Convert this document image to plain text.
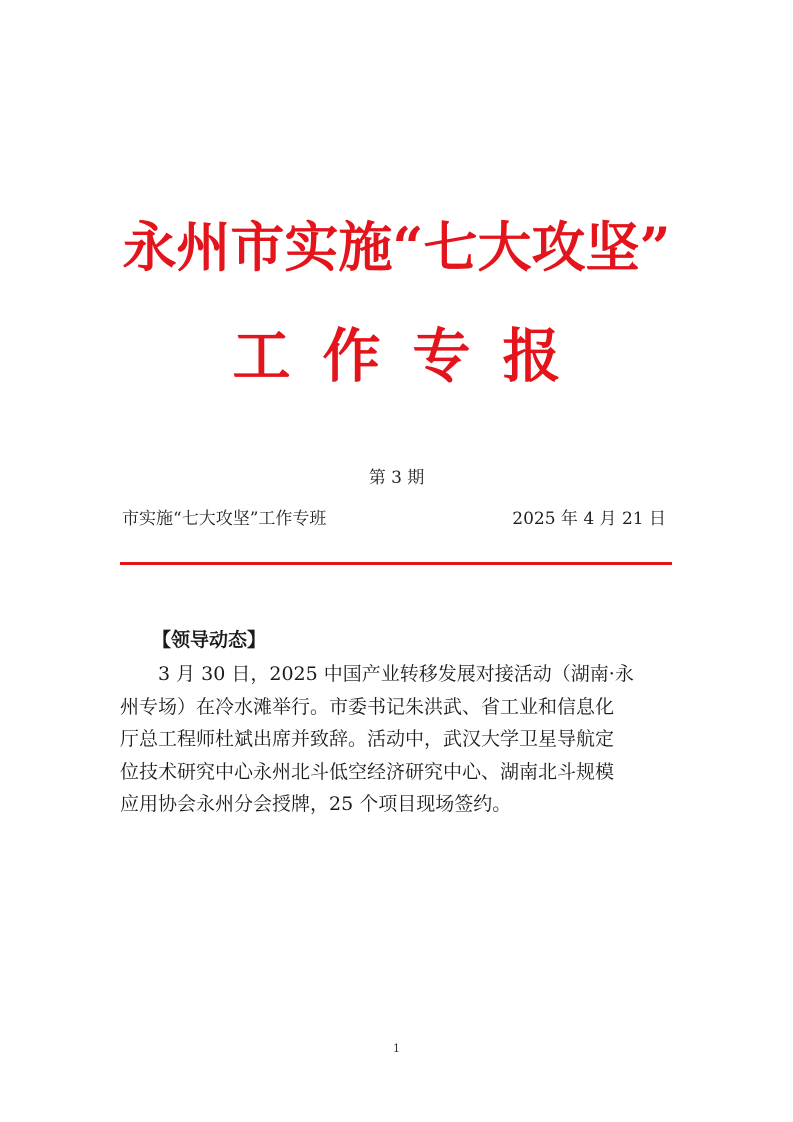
永州市实施“七大攻坚”
工作专报
第 3 期
市实施“七大攻坚”工作专班	2025 年 4 月 21 日
【领导动态】

3 月 30 日，2025 中国产业转移发展对接活动（湖南·永
州专场）在冷水滩举行。市委书记朱洪武、省工业和信息化
厅总工程师杜斌出席并致辞。活动中，武汉大学卫星导航定
位技术研究中心永州北斗低空经济研究中心、湖南北斗规模
应用协会永州分会授牌，25 个项目现场签约。

1
